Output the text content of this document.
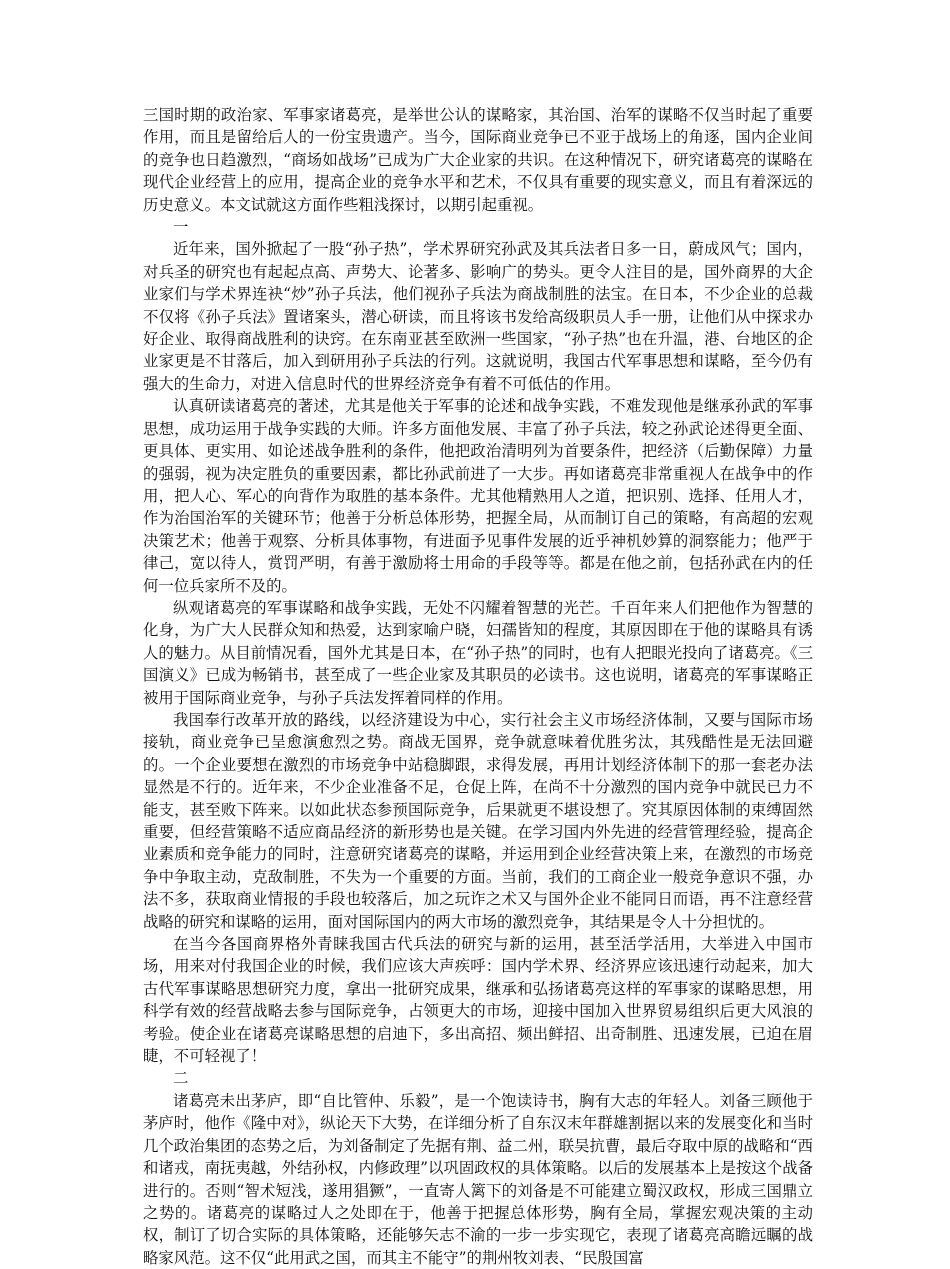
三国时期的政治家、军事家诸葛亮，是举世公认的谋略家，其治国、治军的谋略不仅当时起了重要作用，而且是留给后人的一份宝贵遗产。当今，国际商业竞争已不亚于战场上的角逐，国内企业间的竞争也日趋激烈，“商场如战场”已成为广大企业家的共识。在这种情况下，研究诸葛亮的谋略在现代企业经营上的应用，提高企业的竞争水平和艺术，不仅具有重要的现实意义，而且有着深远的历史意义。本文试就这方面作些粗浅探讨，以期引起重视。

一

近年来，国外掀起了一股“孙子热”，学术界研究孙武及其兵法者日多一日，蔚成风气；国内，对兵圣的研究也有起起点高、声势大、论著多、影响广的势头。更令人注目的是，国外商界的大企业家们与学术界连袂“炒”孙子兵法，他们视孙子兵法为商战制胜的法宝。在日本，不少企业的总裁不仅将《孙子兵法》置诸案头，潜心研读，而且将该书发给高级职员人手一册，让他们从中探求办好企业、取得商战胜利的诀窍。在东南亚甚至欧洲一些国家，“孙子热”也在升温，港、台地区的企业家更是不甘落后，加入到研用孙子兵法的行列。这就说明，我国古代军事思想和谋略，至今仍有强大的生命力，对进入信息时代的世界经济竞争有着不可低估的作用。

认真研读诸葛亮的著述，尤其是他关于军事的论述和战争实践，不难发现他是继承孙武的军事思想，成功运用于战争实践的大师。许多方面他发展、丰富了孙子兵法，较之孙武论述得更全面、更具体、更实用、如论述战争胜利的条件，他把政治清明列为首要条件，把经济（后勤保障）力量的强弱，视为决定胜负的重要因素，都比孙武前进了一大步。再如诸葛亮非常重视人在战争中的作用，把人心、军心的向背作为取胜的基本条件。尤其他精熟用人之道，把识别、选择、任用人才，作为治国治军的关键环节；他善于分析总体形势，把握全局，从而制订自己的策略，有高超的宏观决策艺术；他善于观察、分析具体事物，有进面予见事件发展的近乎神机妙算的洞察能力；他严于律己，宽以待人，赏罚严明，有善于激励将士用命的手段等等。都是在他之前，包括孙武在内的任何一位兵家所不及的。

纵观诸葛亮的军事谋略和战争实践，无处不闪耀着智慧的光芒。千百年来人们把他作为智慧的化身，为广大人民群众知和热爱，达到家喻户晓，妇孺皆知的程度，其原因即在于他的谋略具有诱人的魅力。从目前情况看，国外尤其是日本，在“孙子热”的同时，也有人把眼光投向了诸葛亮。《三国演义》已成为畅销书，甚至成了一些企业家及其职员的必读书。这也说明，诸葛亮的军事谋略正被用于国际商业竞争，与孙子兵法发挥着同样的作用。

我国奉行改革开放的路线，以经济建设为中心，实行社会主义市场经济体制，又要与国际市场接轨，商业竞争已呈愈演愈烈之势。商战无国界，竞争就意味着优胜劣汰，其残酷性是无法回避的。一个企业要想在激烈的市场竞争中站稳脚跟，求得发展，再用计划经济体制下的那一套老办法显然是不行的。近年来，不少企业准备不足，仓促上阵，在尚不十分激烈的国内竞争中就民已力不能支，甚至败下阵来。以如此状态参预国际竞争，后果就更不堪设想了。究其原因体制的束缚固然重要，但经营策略不适应商品经济的新形势也是关键。在学习国内外先进的经营管理经验，提高企业素质和竞争能力的同时，注意研究诸葛亮的谋略，并运用到企业经营决策上来，在激烈的市场竞争中争取主动，克敌制胜，不失为一个重要的方面。当前，我们的工商企业一般竞争意识不强，办法不多，获取商业情报的手段也较落后，加之玩诈之术又与国外企业不能同日而语，再不注意经营战略的研究和谋略的运用，面对国际国内的两大市场的激烈竞争，其结果是令人十分担忧的。

在当今各国商界格外青睐我国古代兵法的研究与新的运用，甚至活学活用，大举进入中国市场，用来对付我国企业的时候，我们应该大声疾呼：国内学术界、经济界应该迅速行动起来，加大古代军事谋略思想研究力度，拿出一批研究成果，继承和弘扬诸葛亮这样的军事家的谋略思想，用科学有效的经营战略去参与国际竞争，占领更大的市场，迎接中国加入世界贸易组织后更大风浪的考验。使企业在诸葛亮谋略思想的启迪下，多出高招、频出鲜招、出奇制胜、迅速发展，已迫在眉睫，不可轻视了！

二

诸葛亮未出茅庐，即“自比管仲、乐毅”，是一个饱读诗书，胸有大志的年轻人。刘备三顾他于茅庐时，他作《隆中对》，纵论天下大势，在详细分析了自东汉末年群雄割据以来的发展变化和当时几个政治集团的态势之后，为刘备制定了先据有荆、益二州，联吴抗曹，最后夺取中原的战略和“西和诸戎，南抚夷越，外结孙权，内修政理”以巩固政权的具体策略。以后的发展基本上是按这个战备进行的。否则“智术短浅，遂用猖獗”，一直寄人篱下的刘备是不可能建立蜀汉政权，形成三国鼎立之势的。诸葛亮的谋略过人之处即在于，他善于把握总体形势，胸有全局，掌握宏观决策的主动权，制订了切合实际的具体策略，还能够矢志不渝的一步一步实现它，表现了诸葛亮高瞻远瞩的战略家风范。这不仅“此用武之国，而其主不能守”的荆州牧刘表、“民殷国富
